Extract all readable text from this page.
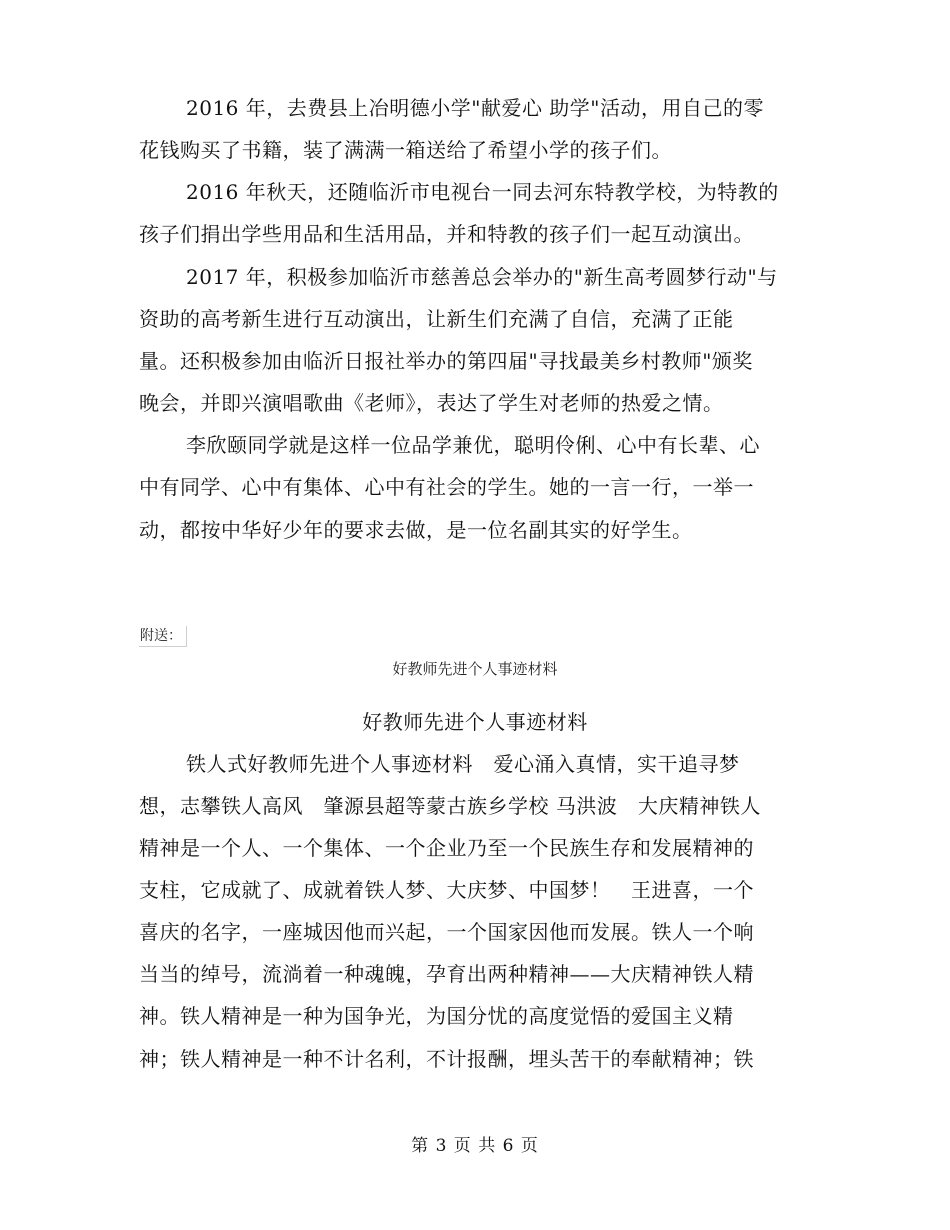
2016 年，去费县上冶明德小学"献爱心 助学"活动，用自己的零
花钱购买了书籍，装了满满一箱送给了希望小学的孩子们。
2016 年秋天，还随临沂市电视台一同去河东特教学校，为特教的
孩子们捐出学些用品和生活用品，并和特教的孩子们一起互动演出。
2017 年，积极参加临沂市慈善总会举办的"新生高考圆梦行动"与
资助的高考新生进行互动演出，让新生们充满了自信，充满了正能
量。还积极参加由临沂日报社举办的第四届"寻找最美乡村教师"颁奖
晚会，并即兴演唱歌曲《老师》，表达了学生对老师的热爱之情。
李欣颐同学就是这样一位品学兼优，聪明伶俐、心中有长辈、心
中有同学、心中有集体、心中有社会的学生。她的一言一行，一举一
动，都按中华好少年的要求去做，是一位名副其实的好学生。
附送：
好教师先进个人事迹材料
好教师先进个人事迹材料
铁人式好教师先进个人事迹材料　爱心涌入真情，实干追寻梦
想，志攀铁人高风　肇源县超等蒙古族乡学校 马洪波　大庆精神铁人
精神是一个人、一个集体、一个企业乃至一个民族生存和发展精神的
支柱，它成就了、成就着铁人梦、大庆梦、中国梦！　王进喜，一个
喜庆的名字，一座城因他而兴起，一个国家因他而发展。铁人一个响
当当的绰号，流淌着一种魂魄，孕育出两种精神——大庆精神铁人精
神。铁人精神是一种为国争光，为国分忧的高度觉悟的爱国主义精
神；铁人精神是一种不计名利，不计报酬，埋头苦干的奉献精神；铁
第 3 页 共 6 页
